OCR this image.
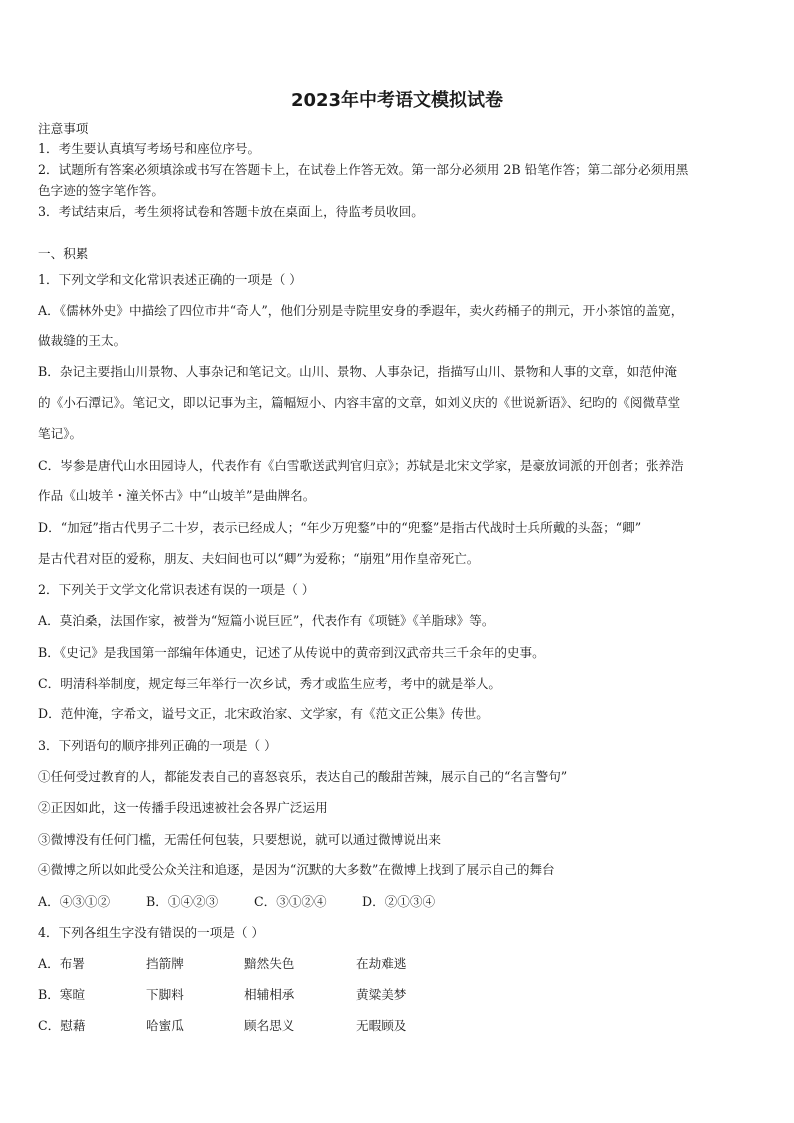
2023年中考语文模拟试卷
注意事项
1．考生要认真填写考场号和座位序号。
2．试题所有答案必须填涂或书写在答题卡上，在试卷上作答无效。第一部分必须用 2B 铅笔作答；第二部分必须用黑
色字迹的签字笔作答。
3．考试结束后，考生须将试卷和答题卡放在桌面上，待监考员收回。
一、积累
1．下列文学和文化常识表述正确的一项是（ ）
A．《儒林外史》中描绘了四位市井“奇人”，他们分别是寺院里安身的季遐年，卖火药桶子的荆元，开小茶馆的盖宽，
做裁缝的王太。
B．杂记主要指山川景物、人事杂记和笔记文。山川、景物、人事杂记，指描写山川、景物和人事的文章，如范仲淹
的《小石潭记》。笔记文，即以记事为主，篇幅短小、内容丰富的文章，如刘义庆的《世说新语》、纪昀的《阅微草堂
笔记》。
C．岑参是唐代山水田园诗人，代表作有《白雪歌送武判官归京》；苏轼是北宋文学家，是豪放词派的开创者；张养浩
作品《山坡羊・潼关怀古》中“山坡羊”是曲牌名。
D．“加冠”指古代男子二十岁，表示已经成人；“年少万兜鍪”中的“兜鍪”是指古代战时士兵所戴的头盔；“卿”
是古代君对臣的爱称，朋友、夫妇间也可以“卿”为爱称；“崩殂”用作皇帝死亡。
2．下列关于文学文化常识表述有误的一项是（ ）
A．莫泊桑，法国作家，被誉为“短篇小说巨匠”，代表作有《项链》《羊脂球》等。
B．《史记》是我国第一部编年体通史，记述了从传说中的黄帝到汉武帝共三千余年的史事。
C．明清科举制度，规定每三年举行一次乡试，秀才或监生应考，考中的就是举人。
D．范仲淹，字希文，谥号文正，北宋政治家、文学家，有《范文正公集》传世。
3．下列语句的顺序排列正确的一项是（ ）
①任何受过教育的人，都能发表自己的喜怒哀乐，表达自己的酸甜苦辣，展示自己的“名言警句”
②正因如此，这一传播手段迅速被社会各界广泛运用
③微博没有任何门槛，无需任何包装，只要想说，就可以通过微博说出来
④微博之所以如此受公众关注和追逐，是因为“沉默的大多数”在微博上找到了展示自己的舞台
A．④③①②	B．①④②③	C．③①②④	D．②①③④
4．下列各组生字没有错误的一项是（ ）
A．布署	挡箭牌	黯然失色	在劫难逃
B．寒暄	下脚料	相辅相承	黄粱美梦
C．慰藉	哈蜜瓜	顾名思义	无暇顾及
